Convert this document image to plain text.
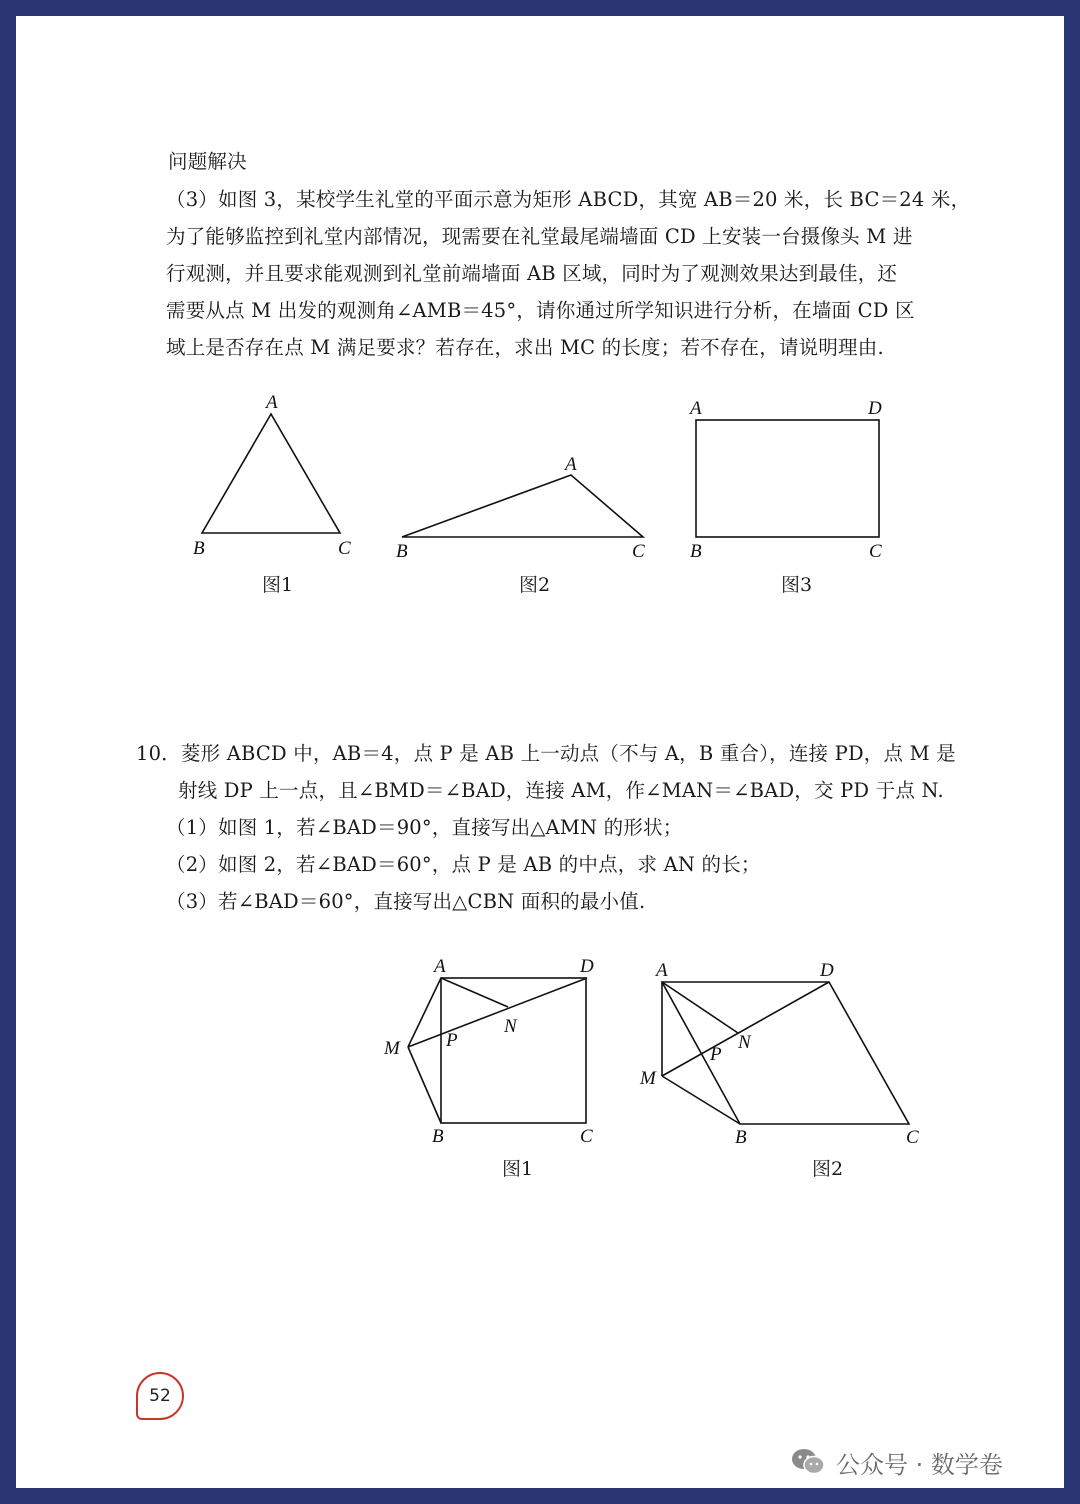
问题解决
（3）如图 3，某校学生礼堂的平面示意为矩形 ABCD，其宽 AB＝20 米，长 BC＝24 米，
为了能够监控到礼堂内部情况，现需要在礼堂最尾端墙面 CD 上安装一台摄像头 M 进
行观测，并且要求能观测到礼堂前端墙面 AB 区域，同时为了观测效果达到最佳，还
需要从点 M 出发的观测角∠AMB＝45°，请你通过所学知识进行分析，在墙面 CD 区
域上是否存在点 M 满足要求？若存在，求出 MC 的长度；若不存在，请说明理由.
A
B	C
A
B	C
A	D
B	C
图1	图2	图3
10．菱形 ABCD 中，AB＝4，点 P 是 AB 上一动点（不与 A，B 重合），连接 PD，点 M 是
射线 DP 上一点，且∠BMD＝∠BAD，连接 AM，作∠MAN＝∠BAD，交 PD 于点 N.
（1）如图 1，若∠BAD＝90°，直接写出△AMN 的形状；
（2）如图 2，若∠BAD＝60°，点 P 是 AB 的中点，求 AN 的长；
（3）若∠BAD＝60°，直接写出△CBN 面积的最小值.
A	D
M P
N
B	C
A	D
M
P
N
B	C
图1	图2
52
公众号 · 数学卷
